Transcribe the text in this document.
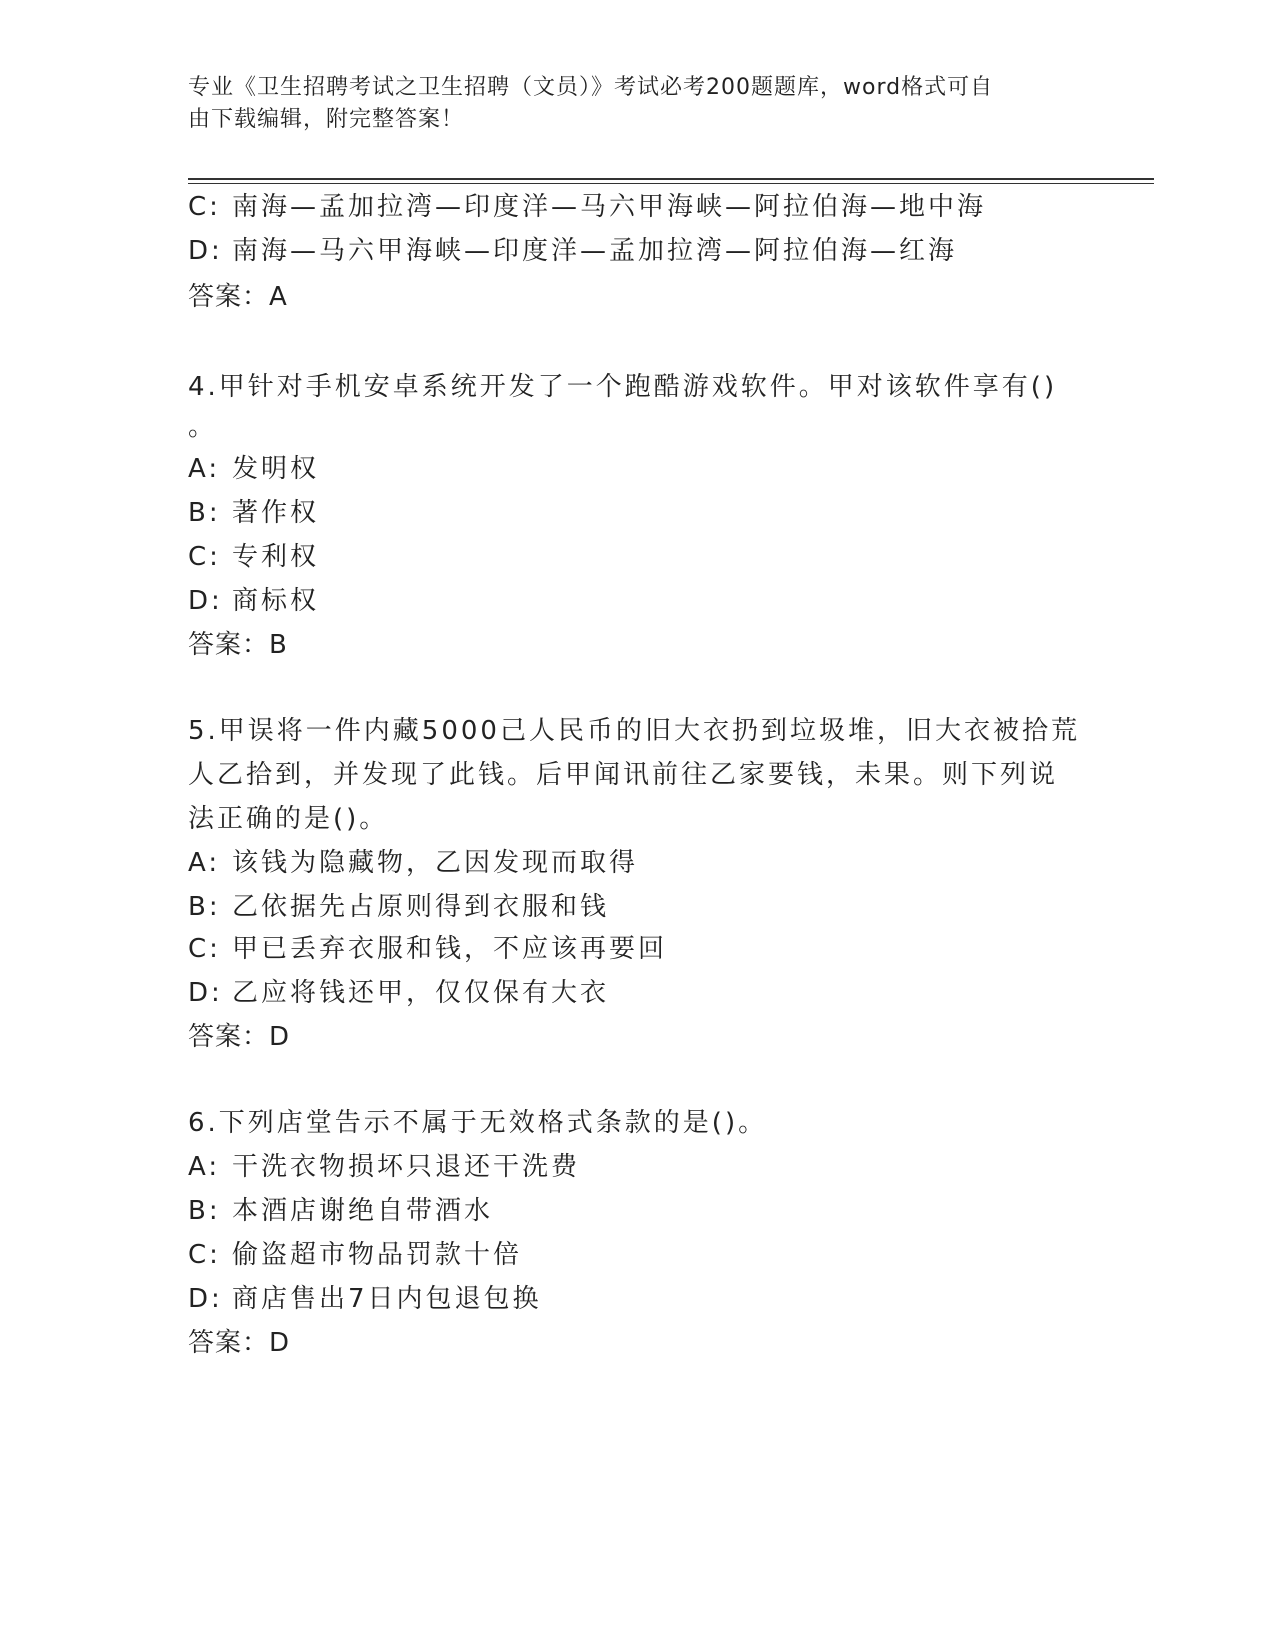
专业《卫生招聘考试之卫生招聘（文员）》考试必考200题题库，word格式可自
由下载编辑，附完整答案！
C: 南海—孟加拉湾—印度洋—马六甲海峡—阿拉伯海—地中海
D: 南海—马六甲海峡—印度洋—孟加拉湾—阿拉伯海—红海
答案：A
4.甲针对手机安卓系统开发了一个跑酷游戏软件。甲对该软件享有()
。
A: 发明权
B: 著作权
C: 专利权
D: 商标权
答案：B
5.甲误将一件内藏5000己人民币的旧大衣扔到垃圾堆，旧大衣被拾荒
人乙拾到，并发现了此钱。后甲闻讯前往乙家要钱，未果。则下列说
法正确的是()。
A: 该钱为隐藏物，乙因发现而取得
B: 乙依据先占原则得到衣服和钱
C: 甲已丢弃衣服和钱，不应该再要回
D: 乙应将钱还甲，仅仅保有大衣
答案：D
6.下列店堂告示不属于无效格式条款的是()。
A: 干洗衣物损坏只退还干洗费
B: 本酒店谢绝自带酒水
C: 偷盗超市物品罚款十倍
D: 商店售出7日内包退包换
答案：D
